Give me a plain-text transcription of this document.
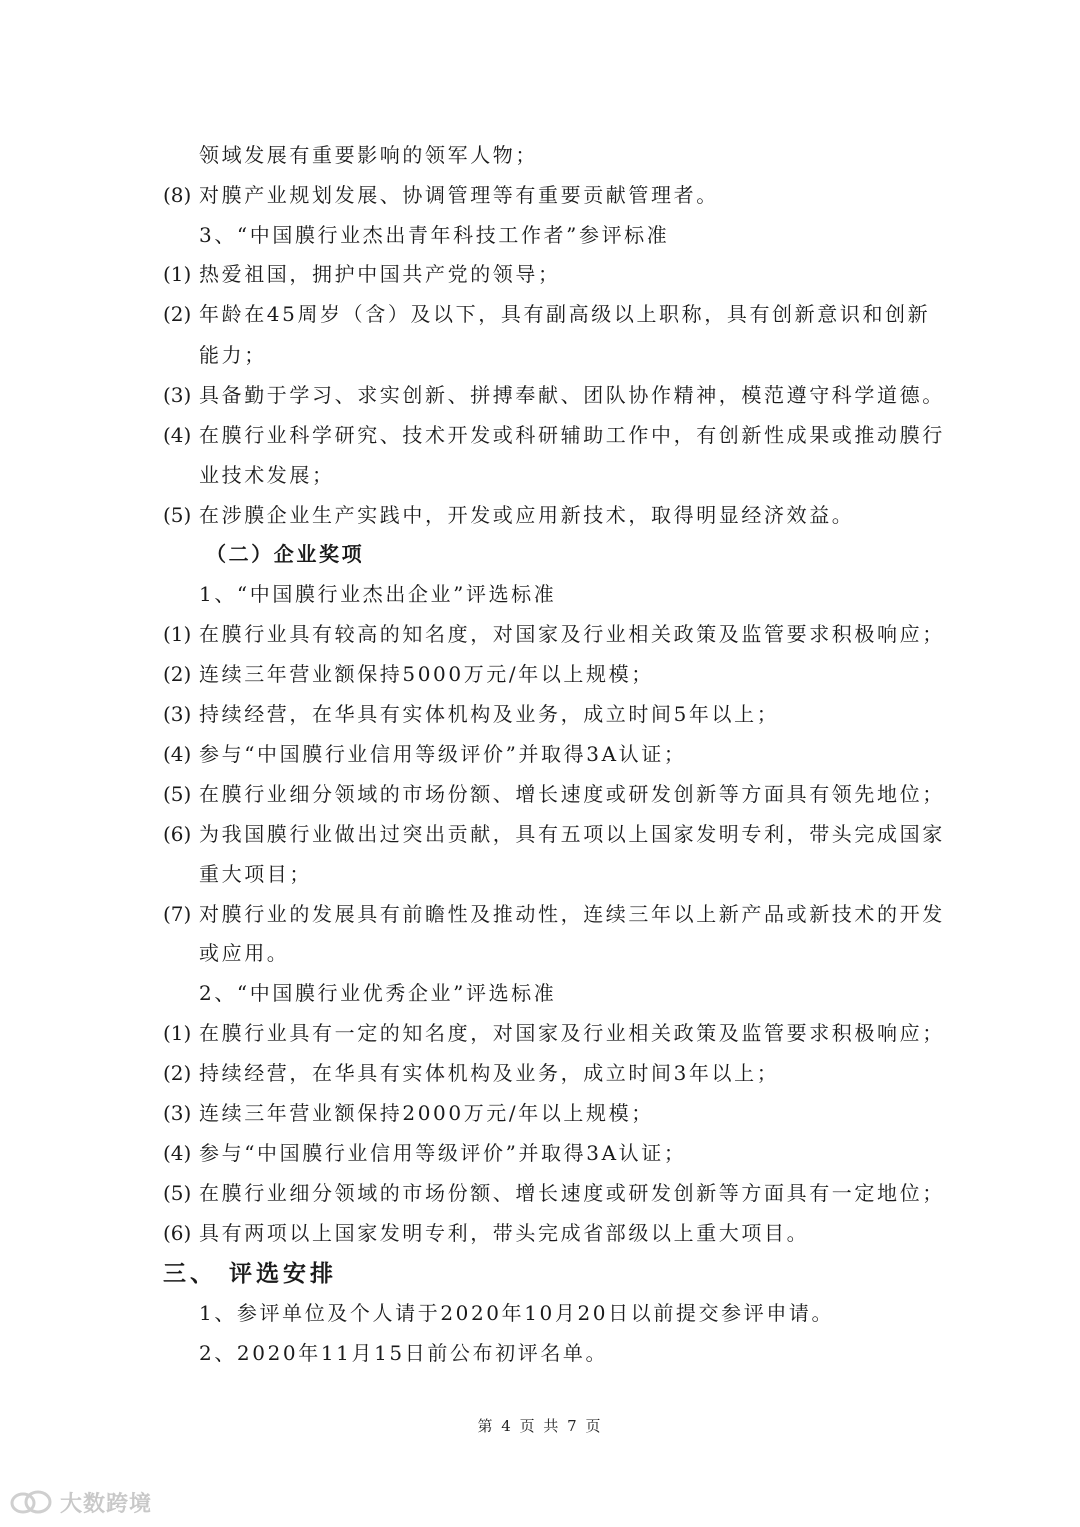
领域发展有重要影响的领军人物；
(8) 对膜产业规划发展、协调管理等有重要贡献管理者。
3、“中国膜行业杰出青年科技工作者”参评标准
(1) 热爱祖国，拥护中国共产党的领导；
(2) 年龄在45周岁（含）及以下，具有副高级以上职称，具有创新意识和创新
能力；
(3) 具备勤于学习、求实创新、拼搏奉献、团队协作精神，模范遵守科学道德。
(4) 在膜行业科学研究、技术开发或科研辅助工作中，有创新性成果或推动膜行
业技术发展；
(5) 在涉膜企业生产实践中，开发或应用新技术，取得明显经济效益。
（二）企业奖项
1、“中国膜行业杰出企业”评选标准
(1) 在膜行业具有较高的知名度，对国家及行业相关政策及监管要求积极响应；
(2) 连续三年营业额保持5000万元/年以上规模；
(3) 持续经营，在华具有实体机构及业务，成立时间5年以上；
(4) 参与“中国膜行业信用等级评价”并取得3A认证；
(5) 在膜行业细分领域的市场份额、增长速度或研发创新等方面具有领先地位；
(6) 为我国膜行业做出过突出贡献，具有五项以上国家发明专利，带头完成国家
重大项目；
(7) 对膜行业的发展具有前瞻性及推动性，连续三年以上新产品或新技术的开发
或应用。
2、“中国膜行业优秀企业”评选标准
(1) 在膜行业具有一定的知名度，对国家及行业相关政策及监管要求积极响应；
(2) 持续经营，在华具有实体机构及业务，成立时间3年以上；
(3) 连续三年营业额保持2000万元/年以上规模；
(4) 参与“中国膜行业信用等级评价”并取得3A认证；
(5) 在膜行业细分领域的市场份额、增长速度或研发创新等方面具有一定地位；
(6) 具有两项以上国家发明专利，带头完成省部级以上重大项目。
三、 评选安排
1、参评单位及个人请于2020年10月20日以前提交参评申请。
2、2020年11月15日前公布初评名单。
第 4 页 共 7 页
大数跨境
